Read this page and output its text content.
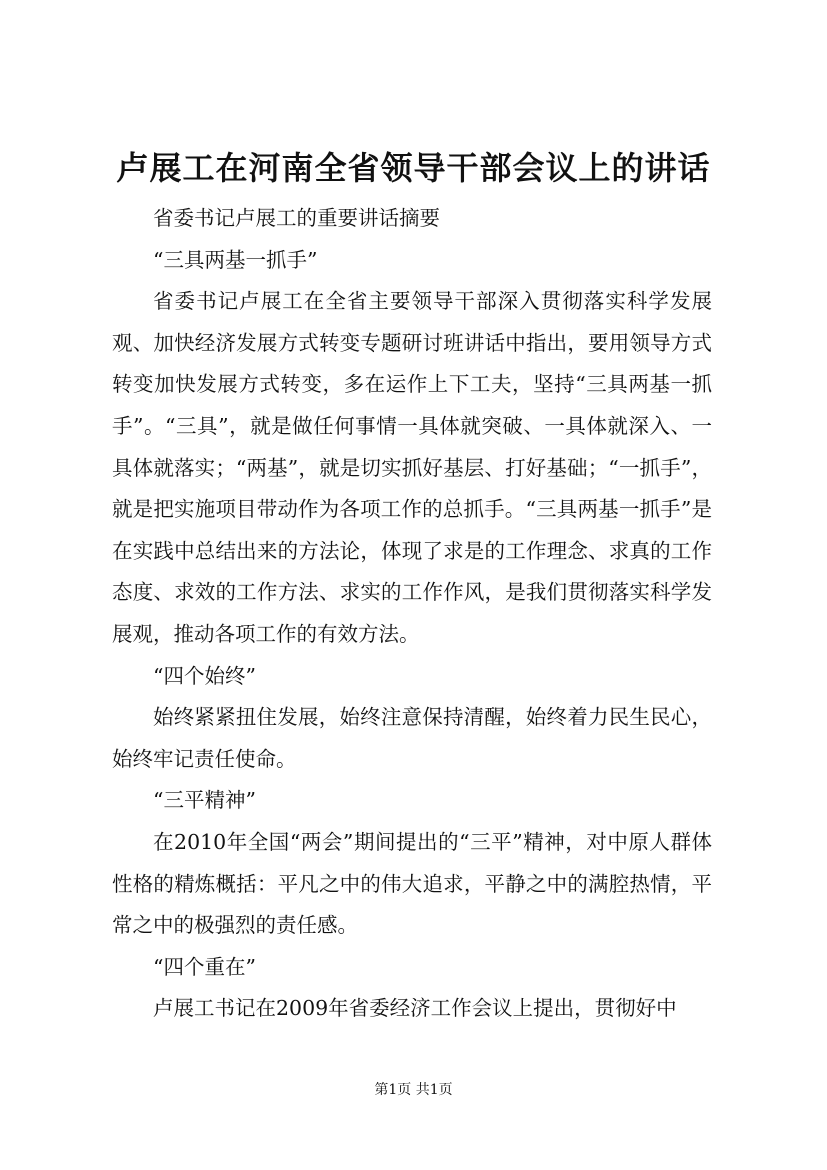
卢展工在河南全省领导干部会议上的讲话

省委书记卢展工的重要讲话摘要

“三具两基一抓手”

省委书记卢展工在全省主要领导干部深入贯彻落实科学发展观、加快经济发展方式转变专题研讨班讲话中指出，要用领导方式转变加快发展方式转变，多在运作上下工夫，坚持“三具两基一抓手”。“三具”，就是做任何事情一具体就突破、一具体就深入、一具体就落实；“两基”，就是切实抓好基层、打好基础；“一抓手”，就是把实施项目带动作为各项工作的总抓手。“三具两基一抓手”是在实践中总结出来的方法论，体现了求是的工作理念、求真的工作态度、求效的工作方法、求实的工作作风，是我们贯彻落实科学发展观，推动各项工作的有效方法。

“四个始终”

始终紧紧扭住发展，始终注意保持清醒，始终着力民生民心，始终牢记责任使命。

“三平精神”

在2010年全国“两会”期间提出的“三平”精神，对中原人群体性格的精炼概括：平凡之中的伟大追求，平静之中的满腔热情，平常之中的极强烈的责任感。

“四个重在”

卢展工书记在2009年省委经济工作会议上提出，贯彻好中

第1页 共1页
